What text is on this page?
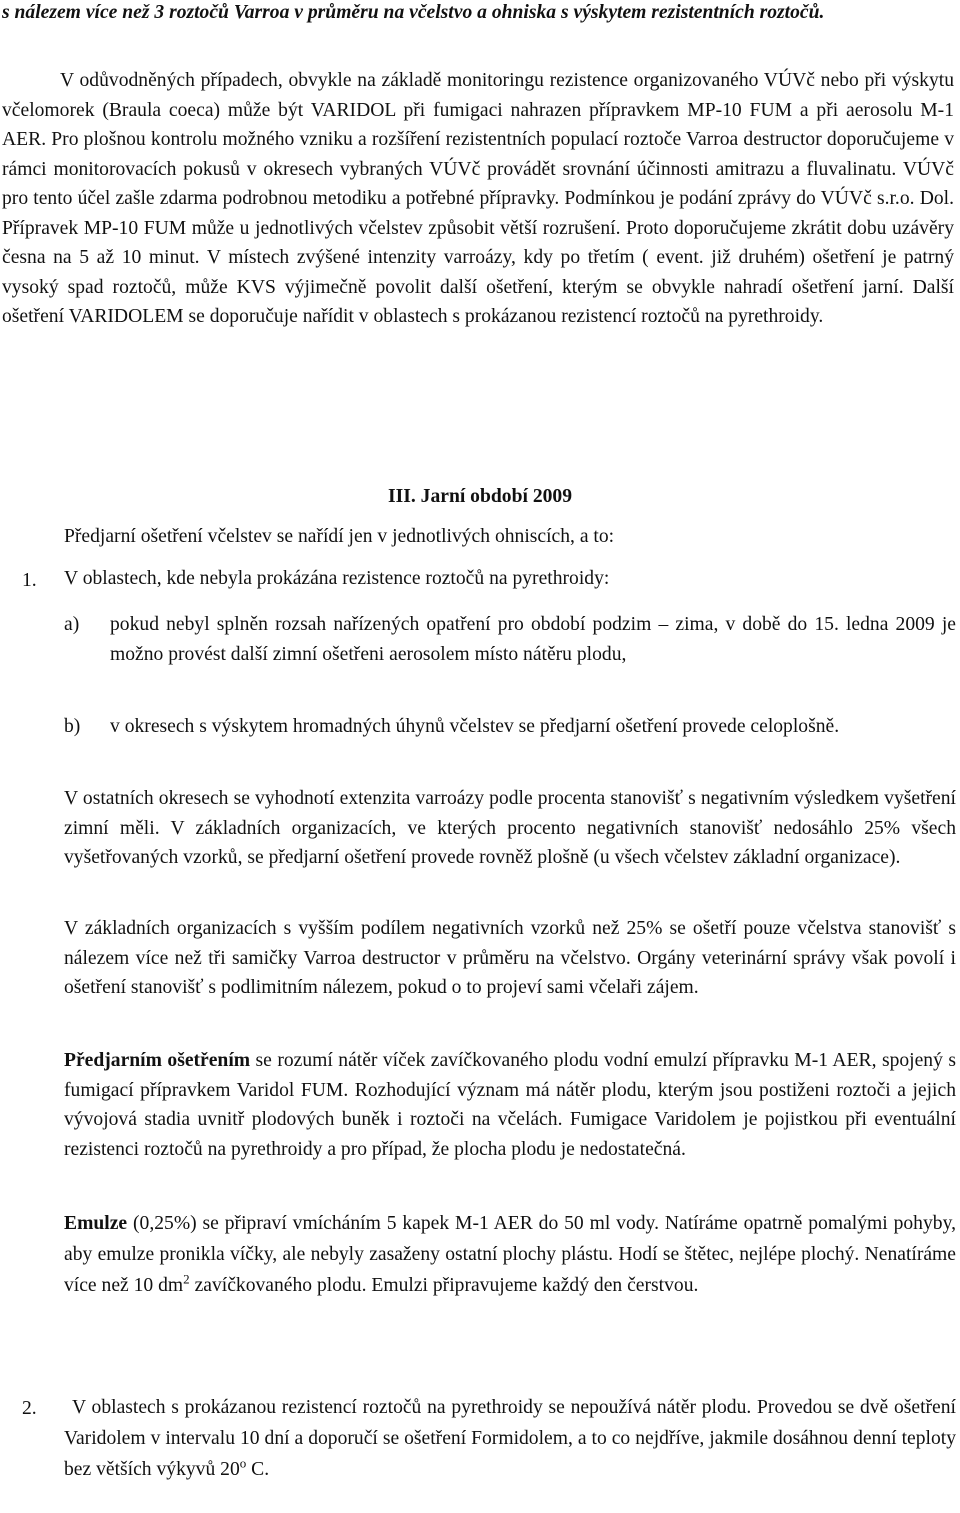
s nálezem více než 3 roztočů Varroa v průměru na včelstvo a ohniska s výskytem rezistentních roztočů.
V odůvodněných případech, obvykle na základě monitoringu rezistence organizovaného VÚVč nebo při výskytu včelomorek (Braula coeca) může být VARIDOL při fumigaci nahrazen přípravkem MP-10 FUM a při aerosolu M-1 AER. Pro plošnou kontrolu možného vzniku a rozšíření rezistentních populací roztoče Varroa destructor doporučujeme v rámci monitorovacích pokusů v okresech vybraných VÚVč provádět srovnání účinnosti amitrazu a fluvalinatu. VÚVč pro tento účel zašle zdarma podrobnou metodiku a potřebné přípravky. Podmínkou je podání zprávy do VÚVč s.r.o. Dol. Přípravek MP-10 FUM může u jednotlivých včelstev způsobit větší rozrušení. Proto doporučujeme zkrátit dobu uzávěry česna na 5 až 10 minut. V místech zvýšené intenzity varroázy, kdy po třetím ( event. již druhém) ošetření je patrný vysoký spad roztočů, může KVS výjimečně povolit další ošetření, kterým se obvykle nahradí ošetření jarní. Další ošetření VARIDOLEM se doporučuje nařídit v oblastech s prokázanou rezistencí roztočů na pyrethroidy.
III. Jarní období 2009
Předjarní ošetření včelstev se nařídí jen v jednotlivých ohniscích, a to:
1. V oblastech, kde nebyla prokázána rezistence roztočů na pyrethroidy:
a) pokud nebyl splněn rozsah nařízených opatření pro období podzim – zima, v době do 15. ledna 2009 je možno provést další zimní ošetřeni aerosolem místo nátěru plodu,
b) v okresech s výskytem hromadných úhynů včelstev se předjarní ošetření provede celoplošně.
V ostatních okresech se vyhodnotí extenzita varroázy podle procenta stanovišť s negativním výsledkem vyšetření zimní měli. V základních organizacích, ve kterých procento negativních stanovišť nedosáhlo 25% všech vyšetřovaných vzorků, se předjarní ošetření provede rovněž plošně (u všech včelstev základní organizace).
V základních organizacích s vyšším podílem negativních vzorků než 25% se ošetří pouze včelstva stanovišť s nálezem více než tři samičky Varroa destructor v průměru na včelstvo. Orgány veterinární správy však povolí i ošetření stanovišť s podlimitním nálezem, pokud o to projeví sami včelaři zájem.
Předjarním ošetřením se rozumí nátěr víček zavíčkovaného plodu vodní emulzí přípravku M-1 AER, spojený s fumigací přípravkem Varidol FUM. Rozhodující význam má nátěr plodu, kterým jsou postiženi roztoči a jejich vývojová stadia uvnitř plodových buněk i roztoči na včelách. Fumigace Varidolem je pojistkou při eventuální rezistenci roztočů na pyrethroidy a pro případ, že plocha plodu je nedostatečná.
Emulze (0,25%) se připraví vmícháním 5 kapek M-1 AER do 50 ml vody. Natíráme opatrně pomalými pohyby, aby emulze pronikla víčky, ale nebyly zasaženy ostatní plochy plástu. Hodí se štětec, nejlépe plochý. Nenatíráme více než 10 $dm^2$ zavíčkovaného plodu. Emulzi připravujeme každý den čerstvou.
2.	V oblastech s prokázanou rezistencí roztočů na pyrethroidy se nepoužívá nátěr plodu. Provedou se dvě ošetření Varidolem v intervalu 10 dní a doporučí se ošetření Formidolem, a to co nejdříve, jakmile dosáhnou denní teploty bez větších výkyvů 20$^o$ C.
